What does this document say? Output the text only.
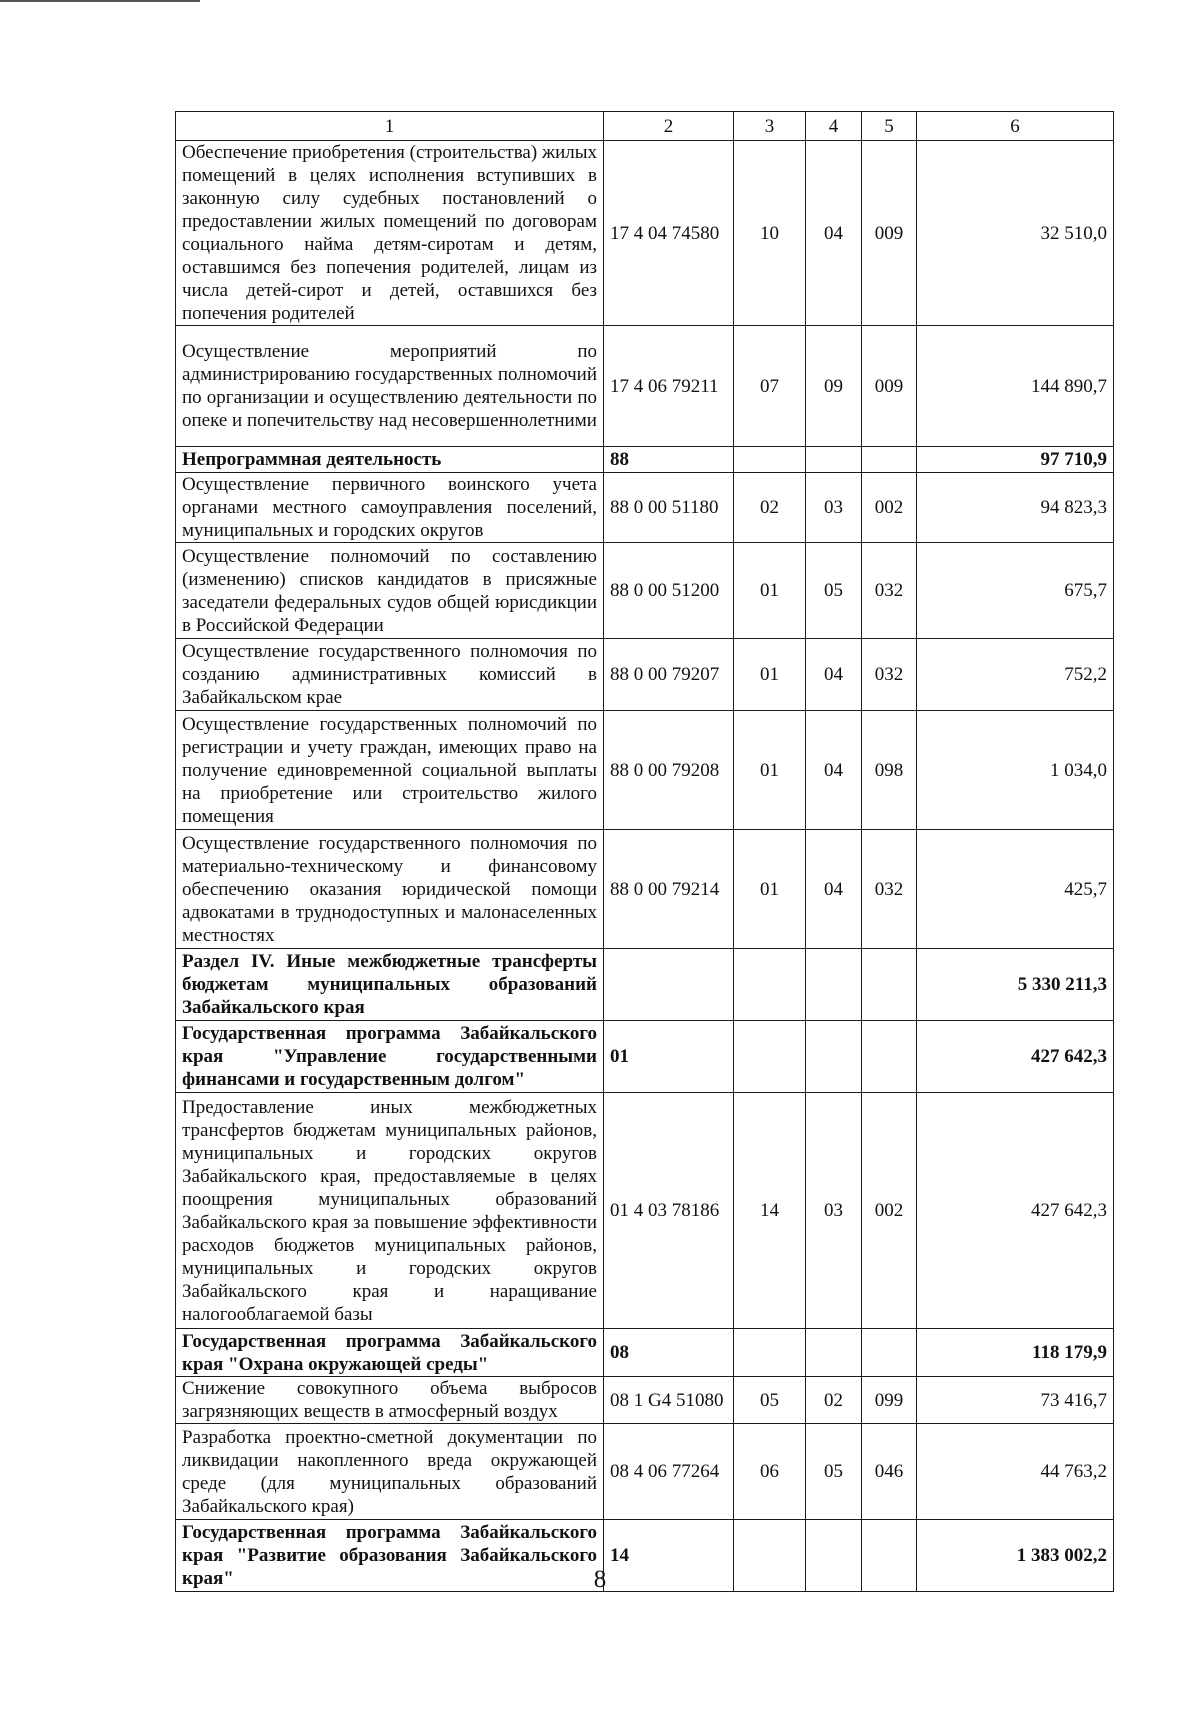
1	2	3	4	5	6
Обеспечение приобретения (строительства) жилых помещений в целях исполнения вступивших в законную силу судебных постановлений о предоставлении жилых помещений по договорам социального найма детям-сиротам и детям, оставшимся без попечения родителей, лицам из числа детей-сирот и детей, оставшихся без попечения родителей	17 4 04 74580	10	04	009	32 510,0
Осуществление мероприятий по администрированию государственных полномочий по организации и осуществлению деятельности по опеке и попечительству над несовершеннолетними	17 4 06 79211	07	09	009	144 890,7
Непрограммная деятельность	88				97 710,9
Осуществление первичного воинского учета органами местного самоуправления поселений, муниципальных и городских округов	88 0 00 51180	02	03	002	94 823,3
Осуществление полномочий по составлению (изменению) списков кандидатов в присяжные заседатели федеральных судов общей юрисдикции в Российской Федерации	88 0 00 51200	01	05	032	675,7
Осуществление государственного полномочия по созданию административных комиссий в Забайкальском крае	88 0 00 79207	01	04	032	752,2
Осуществление государственных полномочий по регистрации и учету граждан, имеющих право на получение единовременной социальной выплаты на приобретение или строительство жилого помещения	88 0 00 79208	01	04	098	1 034,0
Осуществление государственного полномочия по материально-техническому и финансовому обеспечению оказания юридической помощи адвокатами в труднодоступных и малонаселенных местностях	88 0 00 79214	01	04	032	425,7
Раздел IV. Иные межбюджетные трансферты бюджетам муниципальных образований Забайкальского края					5 330 211,3
Государственная программа Забайкальского края "Управление государственными финансами и государственным долгом"	01				427 642,3
Предоставление иных межбюджетных трансфертов бюджетам муниципальных районов, муниципальных и городских округов Забайкальского края, предоставляемые в целях поощрения муниципальных образований Забайкальского края за повышение эффективности расходов бюджетов муниципальных районов, муниципальных и городских округов Забайкальского края и наращивание налогооблагаемой базы	01 4 03 78186	14	03	002	427 642,3
Государственная программа Забайкальского края "Охрана окружающей среды"	08				118 179,9
Снижение совокупного объема выбросов загрязняющих веществ в атмосферный воздух	08 1 G4 51080	05	02	099	73 416,7
Разработка проектно-сметной документации по ликвидации накопленного вреда окружающей среде (для муниципальных образований Забайкальского края)	08 4 06 77264	06	05	046	44 763,2
Государственная программа Забайкальского края "Развитие образования Забайкальского края"	14				1 383 002,2
8
